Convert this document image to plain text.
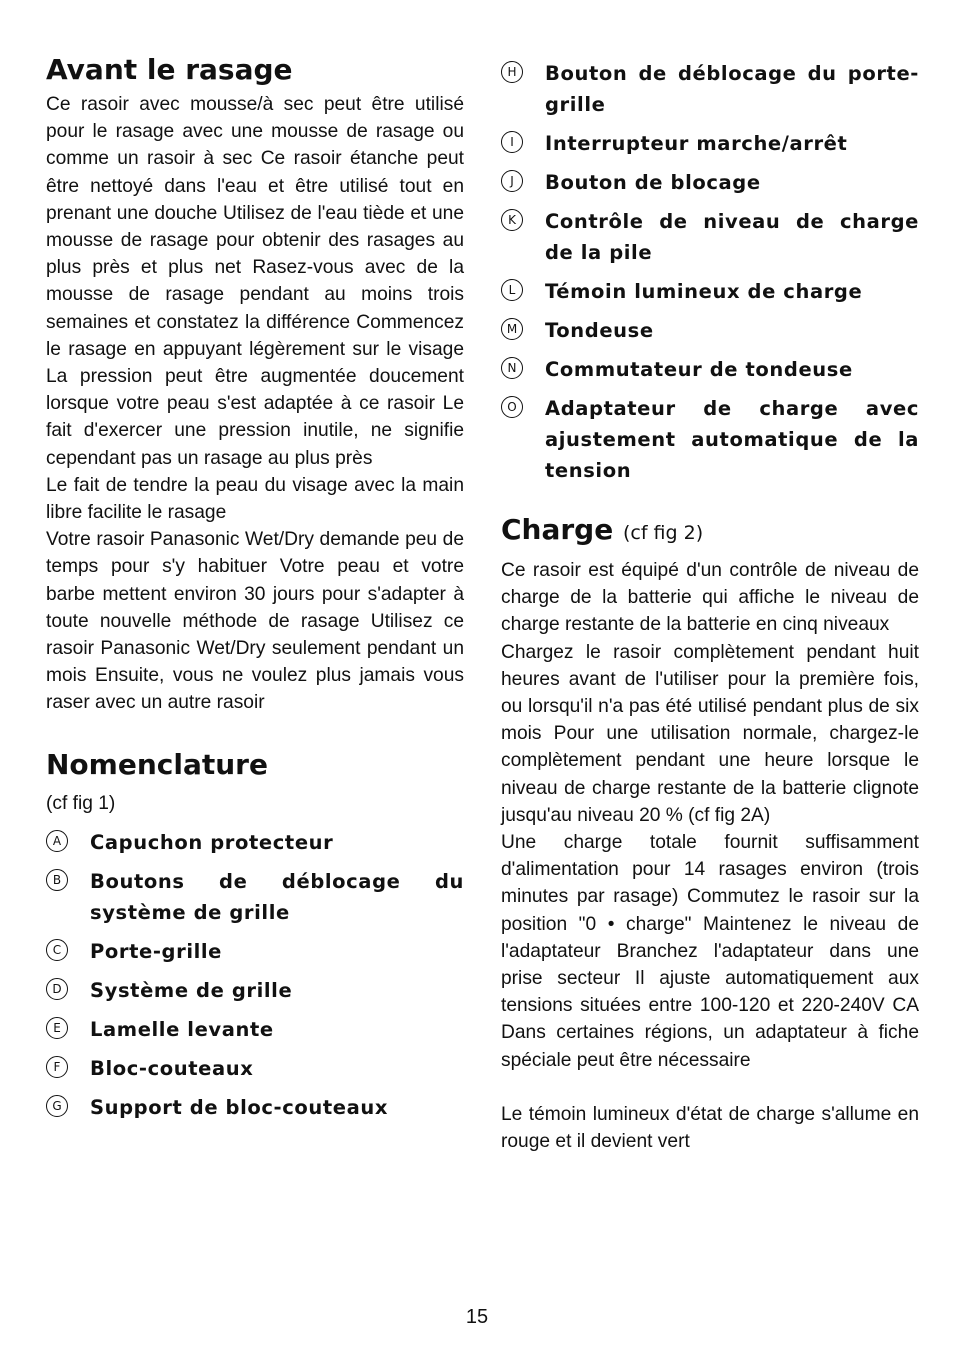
Avant le rasage

Ce rasoir avec mousse/à sec peut être utilisé pour le rasage avec une mousse de rasage ou comme un rasoir à sec Ce rasoir étanche peut être nettoyé dans l'eau et être utilisé tout en prenant une douche Utilisez de l'eau tiède et une mousse de rasage pour obtenir des rasages au plus près et plus net Rasez-vous avec de la mousse de rasage pendant au moins trois semaines et constatez la différence Commencez le rasage en appuyant légèrement sur le visage La pression peut être augmentée doucement lorsque votre peau s'est adaptée à ce rasoir Le fait d'exercer une pression inutile, ne signifie cependant pas un rasage au plus près

Le fait de tendre la peau du visage avec la main libre facilite le rasage

Votre rasoir Panasonic Wet/Dry demande peu de temps pour s'y habituer Votre peau et votre barbe mettent environ 30 jours pour s'adapter à toute nouvelle méthode de rasage Utilisez ce rasoir Panasonic Wet/Dry seulement pendant un mois Ensuite, vous ne voulez plus jamais vous raser avec un autre rasoir

Nomenclature

(cf fig 1)

A	Capuchon protecteur
B	Boutons de déblocage du système de grille
C	Porte-grille
D	Système de grille
E	Lamelle levante
F	Bloc-couteaux
G	Support de bloc-couteaux
H	Bouton de déblocage du porte-grille
I	Interrupteur marche/arrêt
J	Bouton de blocage
K	Contrôle de niveau de charge de la pile
L	Témoin lumineux de charge
M Tondeuse
N	Commutateur de tondeuse
O	Adaptateur de charge avec ajustement automatique de la tension
Charge (cf fig 2)

Ce rasoir est équipé d'un contrôle de niveau de charge de la batterie qui affiche le niveau de charge restante de la batterie en cinq niveaux

Chargez le rasoir complètement pendant huit heures avant de l'utiliser pour la première fois, ou lorsqu'il n'a pas été utilisé pendant plus de six mois Pour une utilisation normale, chargez-le complètement pendant une heure lorsque le niveau de charge restante de la batterie clignote jusqu'au niveau 20 % (cf fig 2A)

Une charge totale fournit suffisamment d'alimentation pour 14 rasages environ (trois minutes par rasage) Commutez le rasoir sur la position "0 • charge" Maintenez le niveau de l'adaptateur Branchez l'adaptateur dans une prise secteur Il ajuste automatiquement aux tensions situées entre 100-120 et 220-240V CA Dans certaines régions, un adaptateur à fiche spéciale peut être nécessaire

Le témoin lumineux d'état de charge s'allume en rouge et il devient vert

15
